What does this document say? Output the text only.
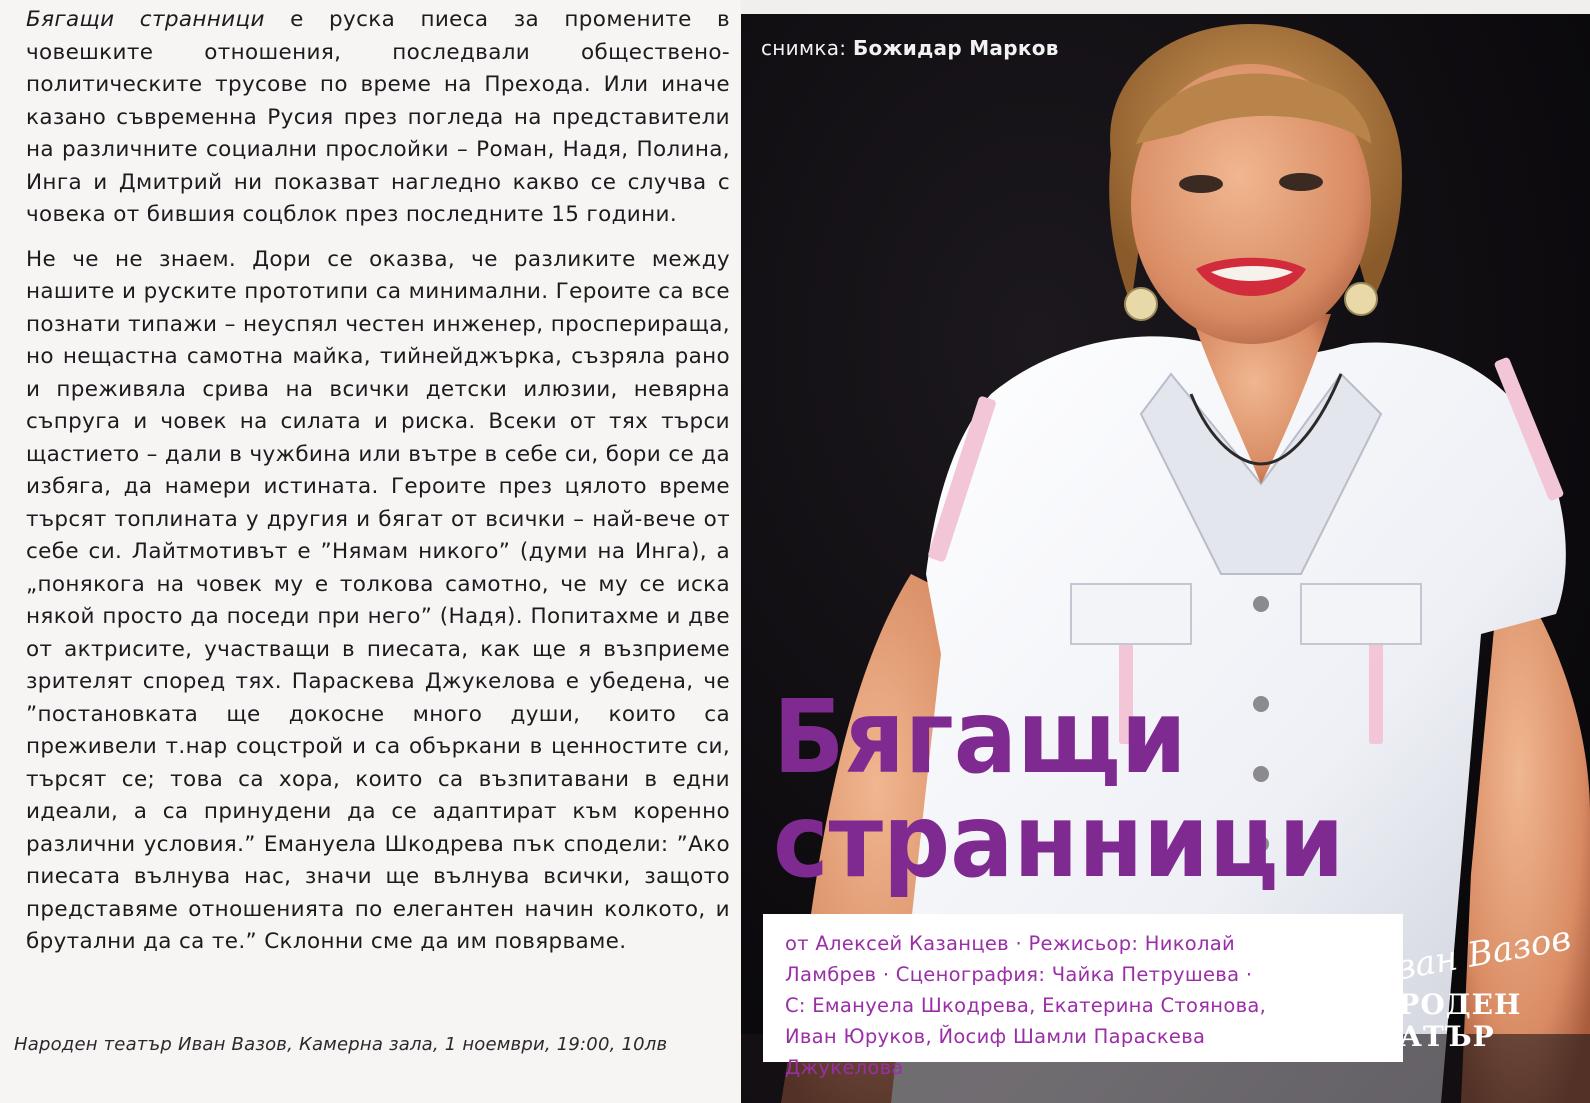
Бягащи странници е руска пиеса за промените в човешките отношения, последвали обществено-политическите трусове по време на Прехода. Или иначе казано съвременна Русия през погледа на представители на различните социални прослойки – Роман, Надя, Полина, Инга и Дмитрий ни показват нагледно какво се случва с човека от бившия соцблок през последните 15 години.

Не че не знаем. Дори се оказва, че разликите между нашите и руските прототипи са минимални. Героите са все познати типажи – неуспял честен инженер, просперираща, но нещастна самотна майка, тийнейджърка, съзряла рано и преживяла срива на всички детски илюзии, невярна съпруга и човек на силата и риска. Всеки от тях търси щастието – дали в чужбина или вътре в себе си, бори се да избяга, да намери истината. Героите през цялото време търсят топлината у другия и бягат от всички – най-вече от себе си. Лайтмотивът е ”Нямам никого” (думи на Инга), а „понякога на човек му е толкова самотно, че му се иска някой просто да поседи при него” (Надя). Попитахме и две от актрисите, участващи в пиесата, как ще я възприеме зрителят според тях. Параскева Джукелова е убедена, че ”постановката ще докосне много души, които са преживели т.нар соцстрой и са объркани в ценностите си, търсят се; това са хора, които са възпитавани в едни идеали, а са принудени да се адаптират към коренно различни условия.” Емануела Шкодрева пък сподели: ”Ако пиесата вълнува нас, значи ще вълнува всички, защото представяме отношенията по елегантен начин колкото, и брутални да са те.” Склонни сме да им повярваме.

Народен театър Иван Вазов, Камерна зала, 1 ноември, 19:00, 10лв
снимка: Божидар Марков
Бягащи
странници

от Алексей Казанцев · Режисьор: Николай Ламбрев · Сценография: Чайка Петрушева · С: Емануела Шкодрева, Екатерина Стоянова, Иван Юруков, Йосиф Шамли Параскева Джукелова

Иван Вазов
НАРОДЕН
ТЕАТЪР
